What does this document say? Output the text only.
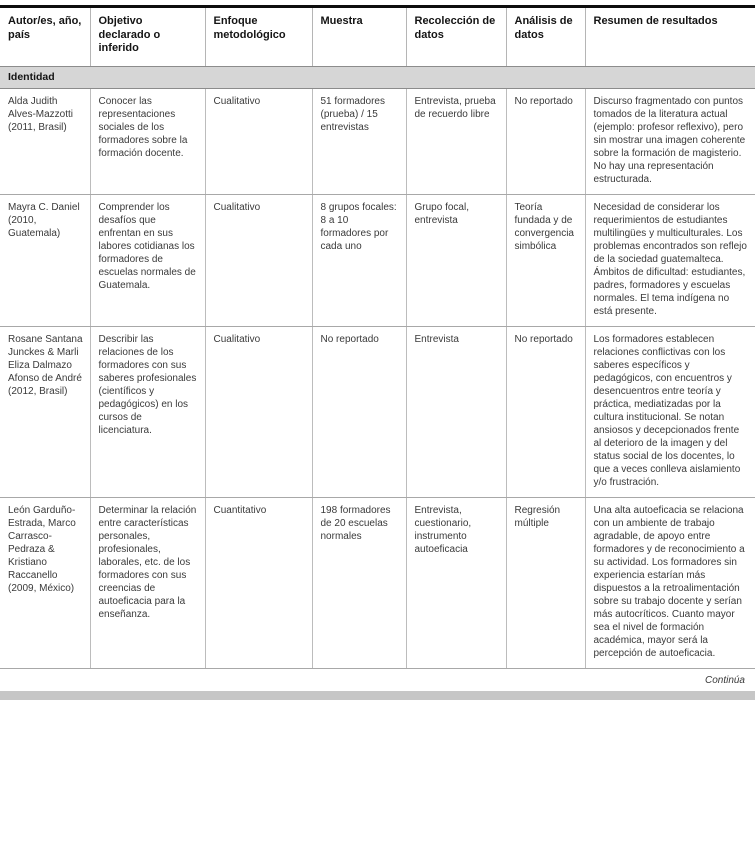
Autor/es, año, país	Objetivo declarado o inferido	Enfoque metodológico	Muestra	Recolección de datos	Análisis de datos	Resumen de resultados
Identidad						
Alda Judith Alves-Mazzotti (2011, Brasil)	Conocer las representaciones sociales de los formadores sobre la formación docente.	Cualitativo	51 formadores (prueba) / 15 entrevistas	Entrevista, prueba de recuerdo libre	No reportado	Discurso fragmentado con puntos tomados de la literatura actual (ejemplo: profesor reflexivo), pero sin mostrar una imagen coherente sobre la formación de magisterio. No hay una representación estructurada.
Mayra C. Daniel (2010, Guatemala)	Comprender los desafíos que enfrentan en sus labores cotidianas los formadores de escuelas normales de Guatemala.	Cualitativo	8 grupos focales: 8 a 10 formadores por cada uno	Grupo focal, entrevista	Teoría fundada y de convergencia simbólica	Necesidad de considerar los requerimientos de estudiantes multilingües y multiculturales. Los problemas encontrados son reflejo de la sociedad guatemalteca. Ámbitos de dificultad: estudiantes, padres, formadores y escuelas normales. El tema indígena no está presente.
Rosane Santana Junckes & Marli Eliza Dalmazo Afonso de André (2012, Brasil)	Describir las relaciones de los formadores con sus saberes profesionales (científicos y pedagógicos) en los cursos de licenciatura.	Cualitativo	No reportado	Entrevista	No reportado	Los formadores establecen relaciones conflictivas con los saberes específicos y pedagógicos, con encuentros y desencuentros entre teoría y práctica, mediatizadas por la cultura institucional. Se notan ansiosos y decepcionados frente al deterioro de la imagen y del status social de los docentes, lo que a veces conlleva aislamiento y/o frustración.
León Garduño-Estrada, Marco Carrasco-Pedraza & Kristiano Raccanello (2009, México)	Determinar la relación entre características personales, profesionales, laborales, etc. de los formadores con sus creencias de autoeficacia para la enseñanza.	Cuantitativo	198 formadores de 20 escuelas normales	Entrevista, cuestionario, instrumento autoeficacia	Regresión múltiple	Una alta autoeficacia se relaciona con un ambiente de trabajo agradable, de apoyo entre formadores y de reconocimiento a su actividad. Los formadores sin experiencia estarían más dispuestos a la retroalimentación sobre su trabajo docente y serían más autocríticos. Cuanto mayor sea el nivel de formación académica, mayor será la percepción de autoeficacia.
Continúa
